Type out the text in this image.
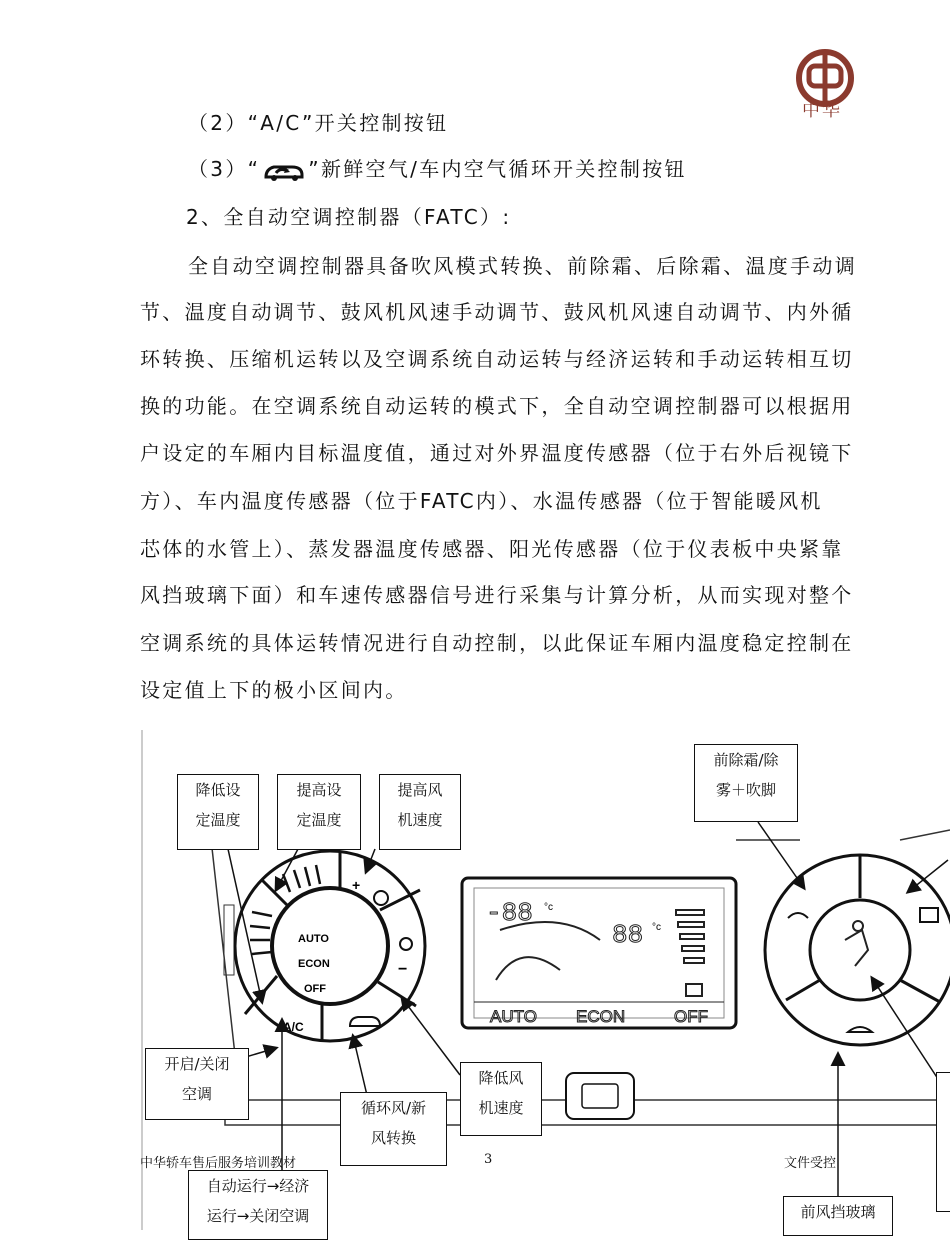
中华
（2）“A/C”开关控制按钮
（3）“ ”新鲜空气/车内空气循环开关控制按钮
2、全自动空调控制器（FATC）:
全自动空调控制器具备吹风模式转换、前除霜、后除霜、温度手动调
节、温度自动调节、鼓风机风速手动调节、鼓风机风速自动调节、内外循
环转换、压缩机运转以及空调系统自动运转与经济运转和手动运转相互切
换的功能。在空调系统自动运转的模式下，全自动空调控制器可以根据用
户设定的车厢内目标温度值，通过对外界温度传感器（位于右外后视镜下
方）、车内温度传感器（位于FATC内）、水温传感器（位于智能暖风机
芯体的水管上）、蒸发器温度传感器、阳光传感器（位于仪表板中央紧靠
风挡玻璃下面）和车速传感器信号进行采集与计算分析，从而实现对整个
空调系统的具体运转情况进行自动控制，以此保证车厢内温度稳定控制在
设定值上下的极小区间内。
AUTO
ECON
OFF
A/C
+
−
-88 °c
88 °c
AUTO ECON	OFF
降低设
定温度
提高设
定温度
提高风
机速度
前除霜/除
雾＋吹脚
开启/关闭
空调
循环风/新
风转换
降低风
机速度
自动运行→经济
运行→关闭空调	前风挡玻璃
中华轿车售后服务培训教材	3	文件受控
